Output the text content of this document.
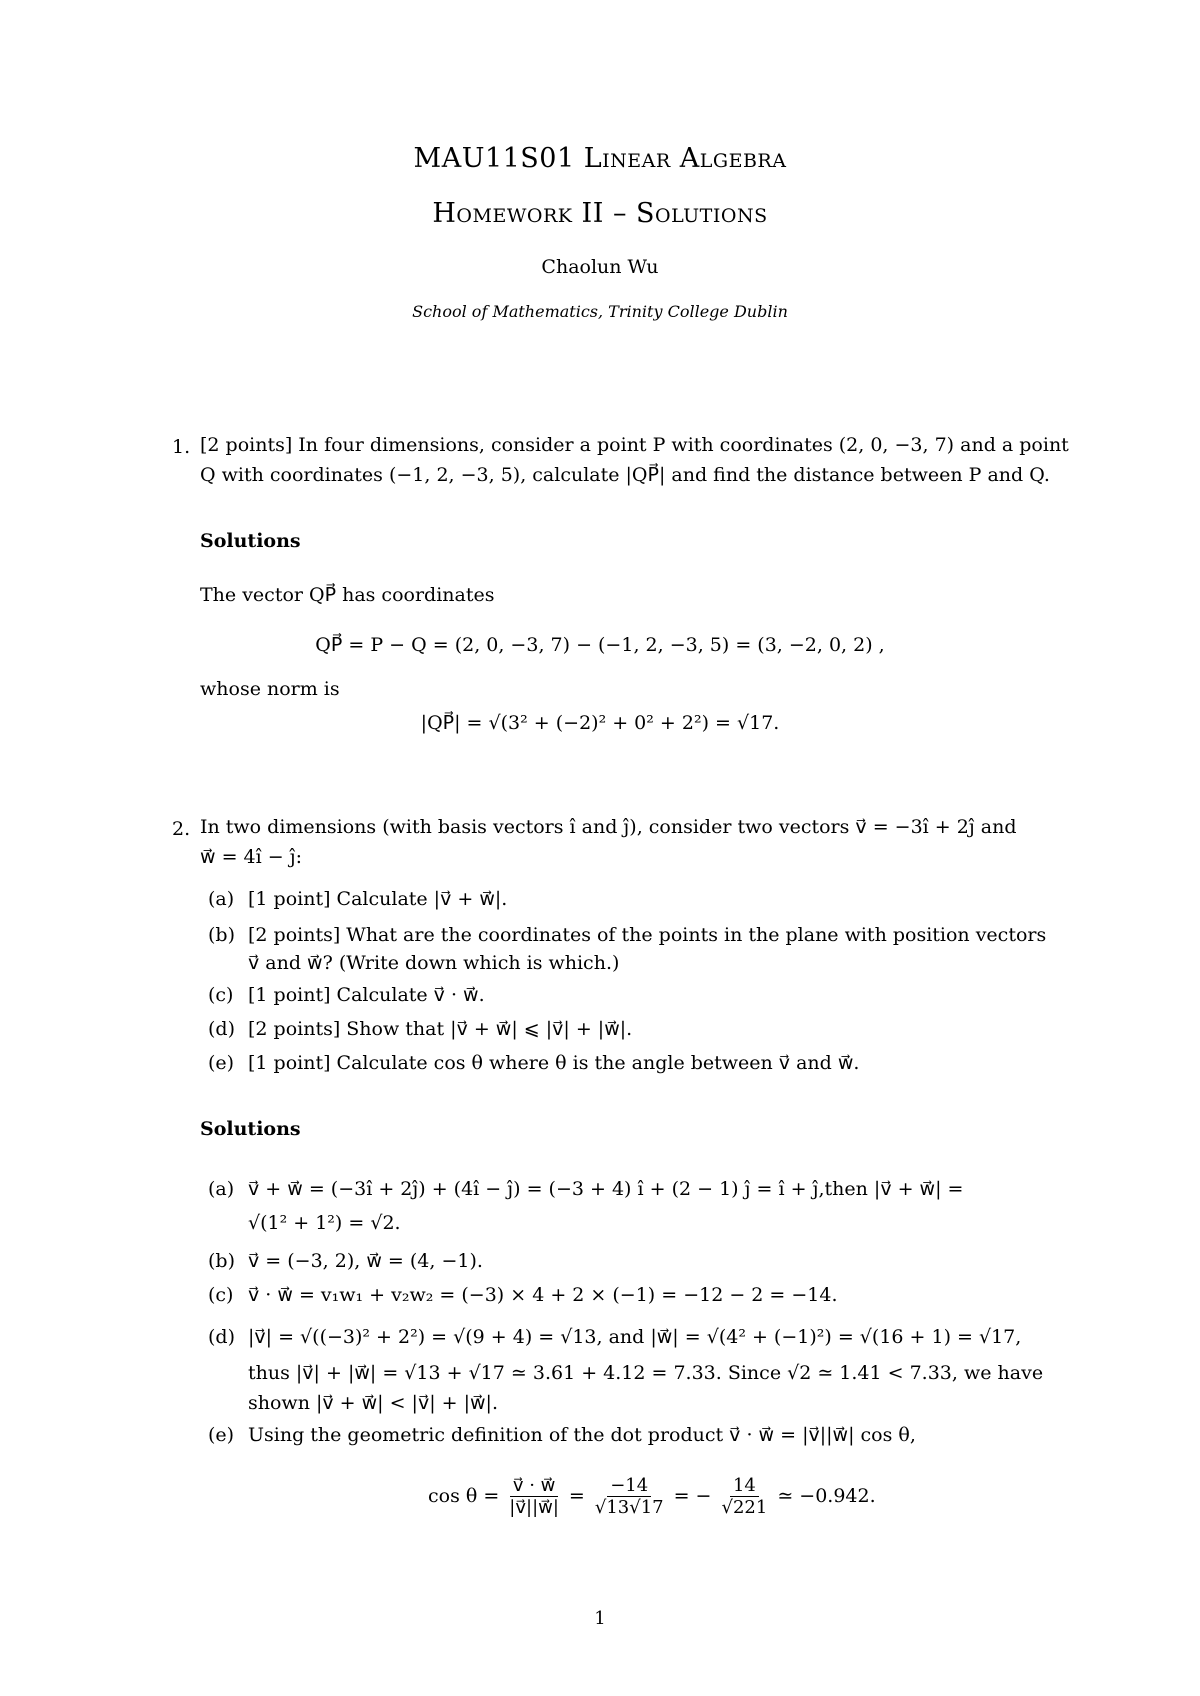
MAU11S01 Linear Algebra
Homework II – Solutions
Chaolun Wu
School of Mathematics, Trinity College Dublin
1. [2 points] In four dimensions, consider a point P with coordinates (2, 0, −3, 7) and a point
Q with coordinates (−1, 2, −3, 5), calculate |QP⃗| and find the distance between P and Q.
Solutions
The vector QP⃗ has coordinates
QP⃗ = P − Q = (2, 0, −3, 7) − (−1, 2, −3, 5) = (3, −2, 0, 2) ,
whose norm is
|QP⃗| = √(3² + (−2)² + 0² + 2²) = √17.
2. In two dimensions (with basis vectors î and ĵ), consider two vectors v⃗ = −3î + 2ĵ and
w⃗ = 4î − ĵ:
(a) [1 point] Calculate |v⃗ + w⃗|.
(b) [2 points] What are the coordinates of the points in the plane with position vectors
v⃗ and w⃗? (Write down which is which.)
(c) [1 point] Calculate v⃗ · w⃗.
(d) [2 points] Show that |v⃗ + w⃗| ⩽ |v⃗| + |w⃗|.
(e) [1 point] Calculate cos θ where θ is the angle between v⃗ and w⃗.
Solutions
(a) v⃗ + w⃗ = (−3î + 2ĵ) + (4î − ĵ) = (−3 + 4) î + (2 − 1) ĵ = î + ĵ,then |v⃗ + w⃗| =
√(1² + 1²) = √2.
(b) v⃗ = (−3, 2), w⃗ = (4, −1).
(c) v⃗ · w⃗ = v₁w₁ + v₂w₂ = (−3) × 4 + 2 × (−1) = −12 − 2 = −14.
(d) |v⃗| = √((−3)² + 2²) = √(9 + 4) = √13, and |w⃗| = √(4² + (−1)²) = √(16 + 1) = √17,
thus |v⃗| + |w⃗| = √13 + √17 ≃ 3.61 + 4.12 = 7.33. Since √2 ≃ 1.41 < 7.33, we have
shown |v⃗ + w⃗| < |v⃗| + |w⃗|.
(e) Using the geometric definition of the dot product v⃗ · w⃗ = |v⃗||w⃗| cos θ,
$\cos \theta = \frac{v⃗ \cdot w⃗}{|v⃗||w⃗|} = \frac{-14}{√13√17}$ = − $\frac{14}{√221}$ ≃ −0.942.
1
